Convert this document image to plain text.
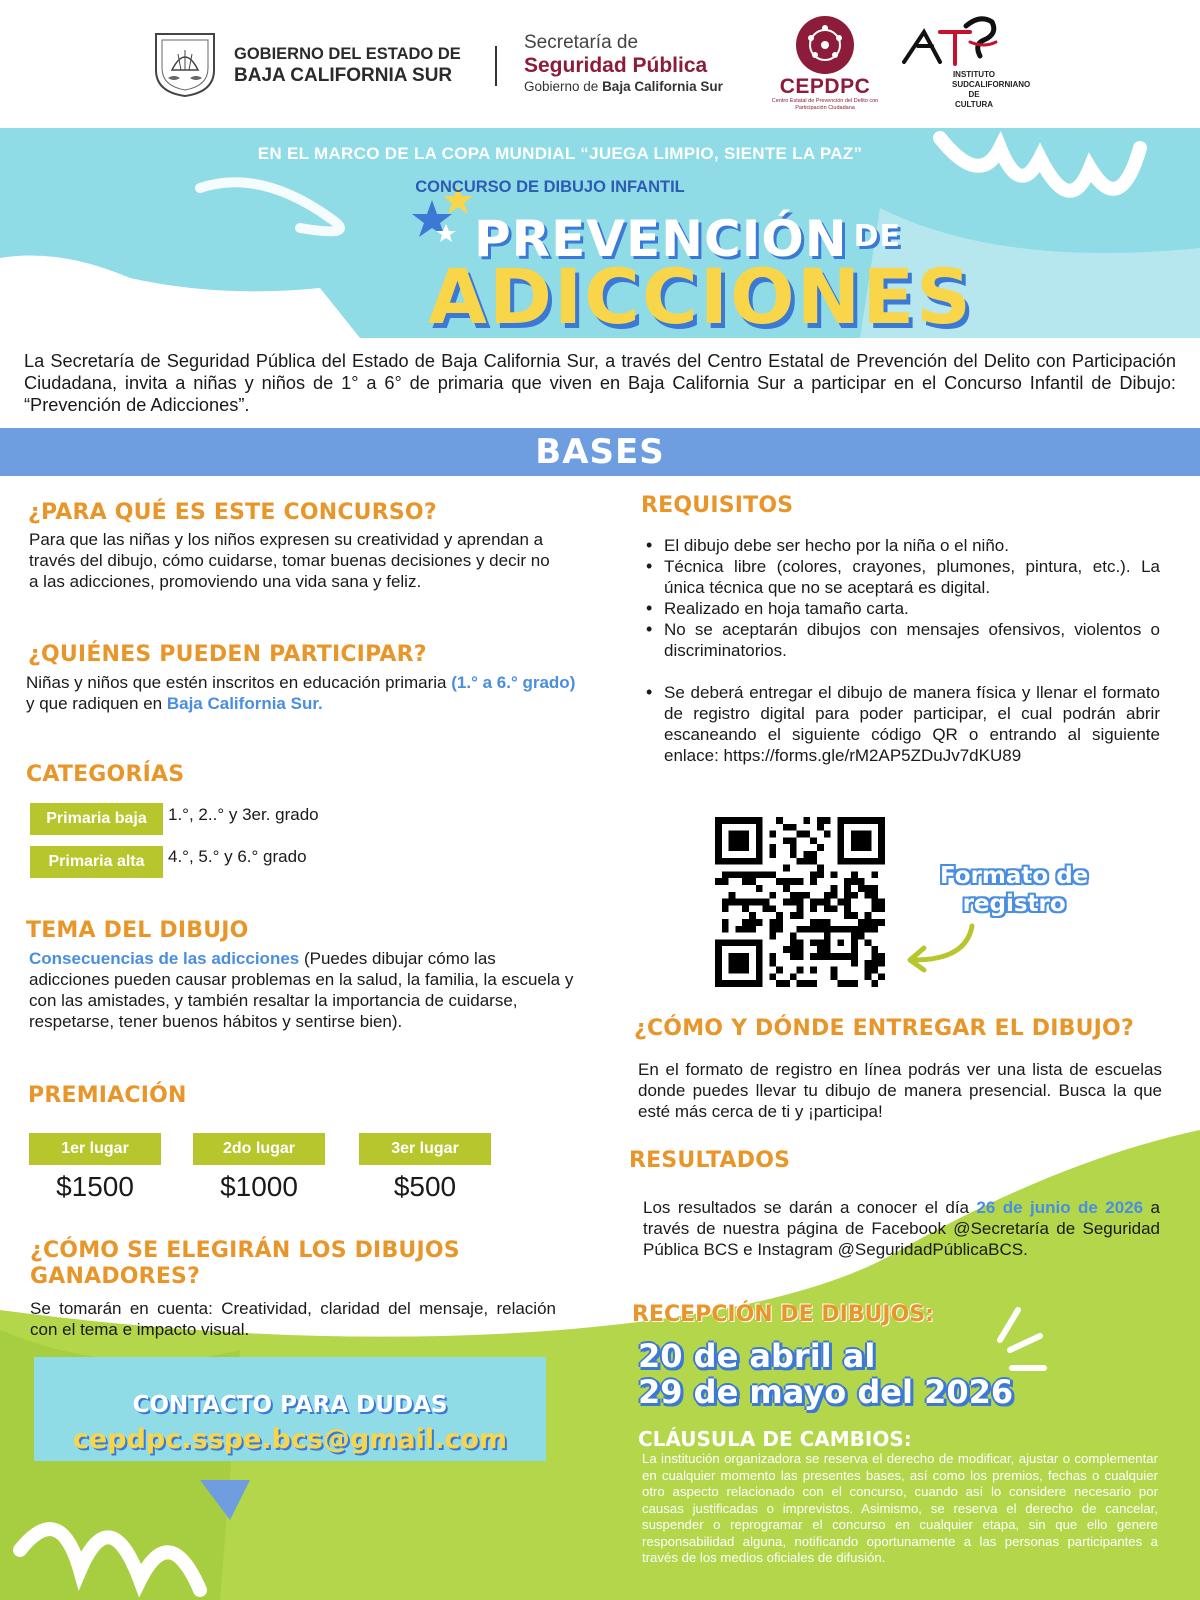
GOBIERNO DEL ESTADO DE
BAJA CALIFORNIA SUR
Secretaría de
Seguridad Pública
Gobierno de Baja California Sur	CEPDPC
Centro Estatal de Prevención del Delito con Participación Ciudadana
INSTITUTO SUDCALIFORNIANO DE CULTURA
EN EL MARCO DE LA COPA MUNDIAL “JUEGA LIMPIO, SIENTE LA PAZ”
CONCURSO DE DIBUJO INFANTIL
PREVENCIÓN $^{DE}$
ADICCIONES
La Secretaría de Seguridad Pública del Estado de Baja California Sur, a través del Centro Estatal de Prevención del Delito con Participación Ciudadana, invita a niñas y niños de 1° a 6° de primaria que viven en Baja California Sur a participar en el Concurso Infantil de Dibujo: “Prevención de Adicciones”.
BASES
¿PARA QUÉ ES ESTE CONCURSO?
Para que las niñas y los niños expresen su creatividad y aprendan a través del dibujo, cómo cuidarse, tomar buenas decisiones y decir no a las adicciones, promoviendo una vida sana y feliz.
¿QUIÉNES PUEDEN PARTICIPAR?
Niñas y niños que estén inscritos en educación primaria (1.° a 6.° grado) y que radiquen en Baja California Sur.
CATEGORÍAS
Primaria baja	1.°, 2..° y 3er. grado
Primaria alta	4.°, 5.° y 6.° grado
TEMA DEL DIBUJO
Consecuencias de las adicciones (Puedes dibujar cómo las adicciones pueden causar problemas en la salud, la familia, la escuela y con las amistades, y también resaltar la importancia de cuidarse, respetarse, tener buenos hábitos y sentirse bien).
PREMIACIÓN
1er lugar
$1500
2do lugar
$1000
3er lugar
$500
¿CÓMO SE ELEGIRÁN LOS DIBUJOS
GANADORES?
Se tomarán en cuenta: Creatividad, claridad del mensaje, relación con el tema e impacto visual.
CONTACTO PARA DUDAS
cepdpc.sspe.bcs@gmail.com
REQUISITOS
• El dibujo debe ser hecho por la niña o el niño.
• Técnica libre (colores, crayones, plumones, pintura, etc.). La única técnica que no se aceptará es digital.
• Realizado en hoja tamaño carta.
• No se aceptarán dibujos con mensajes ofensivos, violentos o discriminatorios.
• Se deberá entregar el dibujo de manera física y llenar el formato de registro digital para poder participar, el cual podrán abrir escaneando el siguiente código QR o entrando al siguiente enlace: https://forms.gle/rM2AP5ZDuJv7dKU89
Formato de
registro
¿CÓMO Y DÓNDE ENTREGAR EL DIBUJO?
En el formato de registro en línea podrás ver una lista de escuelas donde puedes llevar tu dibujo de manera presencial. Busca la que esté más cerca de ti y ¡participa!
RESULTADOS
Los resultados se darán a conocer el día 26 de junio de 2026 a través de nuestra página de Facebook @Secretaría de Seguridad Pública BCS e Instagram @SeguridadPúblicaBCS.
RECEPCIÓN DE DIBUJOS:
20 de abril al
29 de mayo del 2026
CLÁUSULA DE CAMBIOS:
La institución organizadora se reserva el derecho de modificar, ajustar o complementar en cualquier momento las presentes bases, así como los premios, fechas o cualquier otro aspecto relacionado con el concurso, cuando así lo considere necesario por causas justificadas o imprevistos. Asimismo, se reserva el derecho de cancelar, suspender o reprogramar el concurso en cualquier etapa, sin que ello genere responsabilidad alguna, notificando oportunamente a las personas participantes a través de los medios oficiales de difusión.
